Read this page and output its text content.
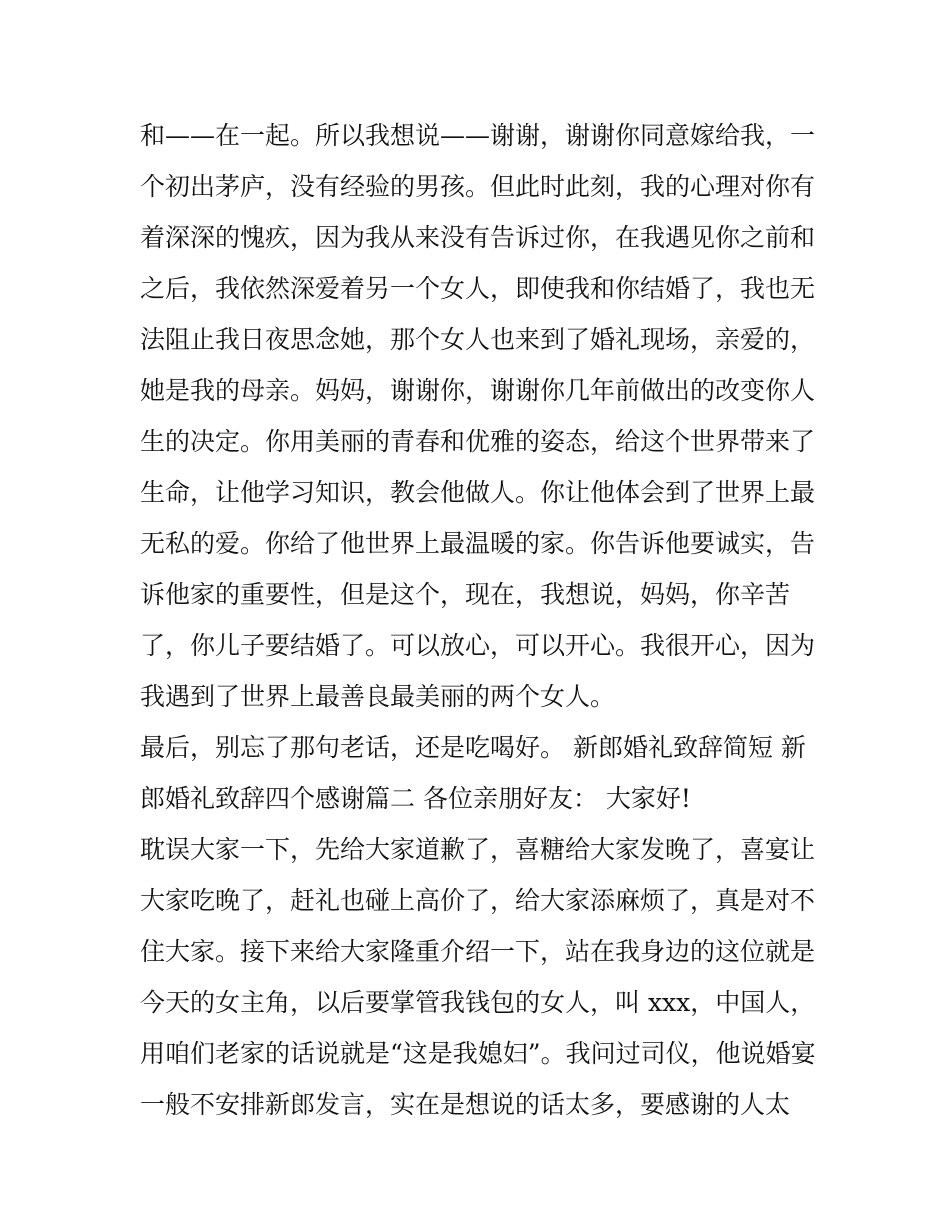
和——在一起。所以我想说——谢谢，谢谢你同意嫁给我，一
个初出茅庐，没有经验的男孩。但此时此刻，我的心理对你有
着深深的愧疚，因为我从来没有告诉过你，在我遇见你之前和
之后，我依然深爱着另一个女人，即使我和你结婚了，我也无
法阻止我日夜思念她，那个女人也来到了婚礼现场，亲爱的，
她是我的母亲。妈妈，谢谢你，谢谢你几年前做出的改变你人
生的决定。你用美丽的青春和优雅的姿态，给这个世界带来了
生命，让他学习知识，教会他做人。你让他体会到了世界上最
无私的爱。你给了他世界上最温暖的家。你告诉他要诚实，告
诉他家的重要性，但是这个，现在，我想说，妈妈，你辛苦
了，你儿子要结婚了。可以放心，可以开心。我很开心，因为
我遇到了世界上最善良最美丽的两个女人。
最后，别忘了那句老话，还是吃喝好。 新郎婚礼致辞简短 新
郎婚礼致辞四个感谢篇二 各位亲朋好友： 大家好!
耽误大家一下，先给大家道歉了，喜糖给大家发晚了，喜宴让
大家吃晚了，赶礼也碰上高价了，给大家添麻烦了，真是对不
住大家。接下来给大家隆重介绍一下，站在我身边的这位就是
今天的女主角，以后要掌管我钱包的女人，叫 xxx，中国人，
用咱们老家的话说就是“这是我媳妇”。我问过司仪，他说婚宴
一般不安排新郎发言，实在是想说的话太多，要感谢的人太
